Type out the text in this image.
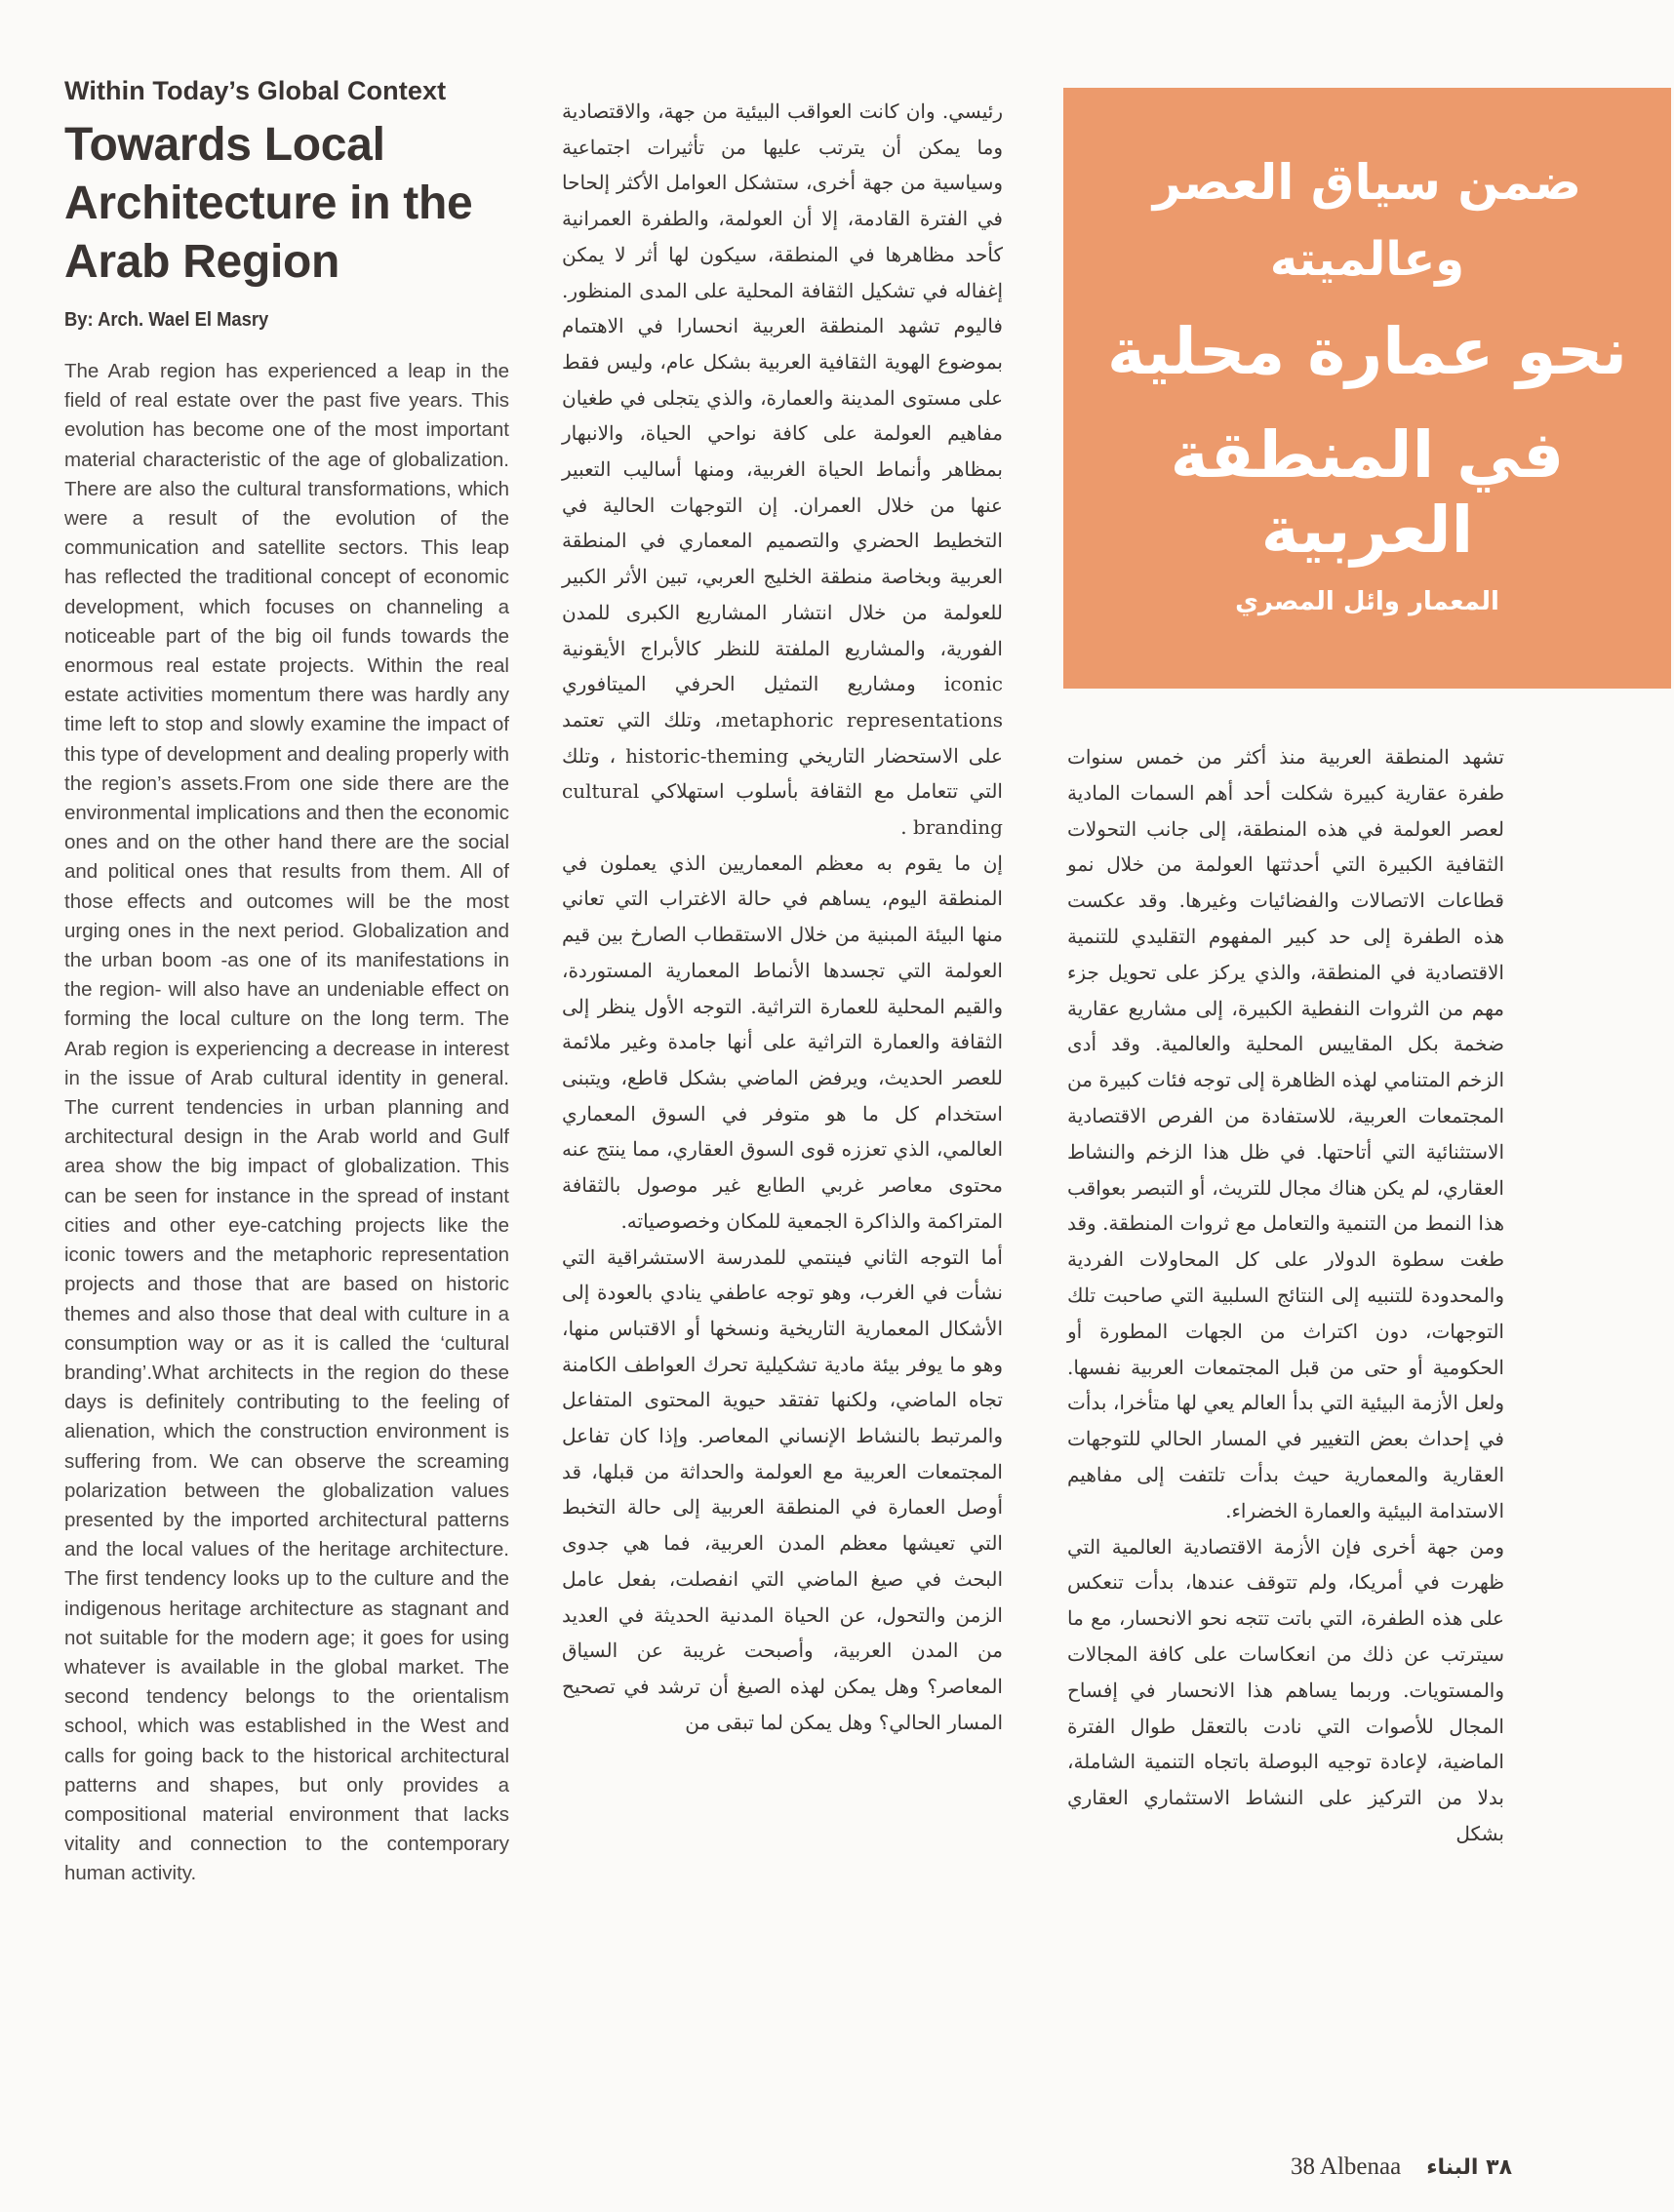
Within Today’s Global Context
Towards Local Architecture in the Arab Region
By: Arch. Wael El Masry

The Arab region has experienced a leap in the field of real estate over the past five years. This evolution has become one of the most important material characteristic of the age of globalization. There are also the cultural transformations, which were a result of the evolution of the communication and satellite sectors. This leap has reflected the traditional concept of economic development, which focuses on channeling a noticeable part of the big oil funds towards the enormous real estate projects. Within the real estate activities momentum there was hardly any time left to stop and slowly examine the impact of this type of development and dealing properly with the region’s assets.From one side there are the environmental implications and then the economic ones and on the other hand there are the social and political ones that results from them. All of those effects and outcomes will be the most urging ones in the next period. Globalization and the urban boom -as one of its manifestations in the region- will also have an undeniable effect on forming the local culture on the long term. The Arab region is experiencing a decrease in interest in the issue of Arab cultural identity in general. The current tendencies in urban planning and architectural design in the Arab world and Gulf area show the big impact of globalization. This can be seen for instance in the spread of instant cities and other eye-catching projects like the iconic towers and the metaphoric representation projects and those that are based on historic themes and also those that deal with culture in a consumption way or as it is called the ‘cultural branding’.What architects in the region do these days is definitely contributing to the feeling of alienation, which the construction environment is suffering from. We can observe the screaming polarization between the globalization values presented by the imported architectural patterns and the local values of the heritage architecture. The first tendency looks up to the culture and the indigenous heritage architecture as stagnant and not suitable for the modern age; it goes for using whatever is available in the global market. The second tendency belongs to the orientalism school, which was established in the West and calls for going back to the historical architectural patterns and shapes, but only provides a compositional material environment that lacks vitality and connection to the contemporary human activity.

رئيسي. وان كانت العواقب البيئية من جهة، والاقتصادية وما يمكن أن يترتب عليها من تأثيرات اجتماعية وسياسية من جهة أخرى، ستشكل العوامل الأكثر إلحاحا في الفترة القادمة، إلا أن العولمة، والطفرة العمرانية كأحد مظاهرها في المنطقة، سيكون لها أثر لا يمكن إغفاله في تشكيل الثقافة المحلية على المدى المنظور. فاليوم تشهد المنطقة العربية انحسارا في الاهتمام بموضوع الهوية الثقافية العربية بشكل عام، وليس فقط على مستوى المدينة والعمارة، والذي يتجلى في طغيان مفاهيم العولمة على كافة نواحي الحياة، والانبهار بمظاهر وأنماط الحياة الغربية، ومنها أساليب التعبير عنها من خلال العمران. إن التوجهات الحالية في التخطيط الحضري والتصميم المعماري في المنطقة العربية وبخاصة منطقة الخليج العربي، تبين الأثر الكبير للعولمة من خلال انتشار المشاريع الكبرى للمدن الفورية، والمشاريع الملفتة للنظر كالأبراج الأيقونية iconic ومشاريع التمثيل الحرفي الميتافوري metaphoric representations، وتلك التي تعتمد على الاستحضار التاريخي historic-theming ، وتلك التي تتعامل مع الثقافة بأسلوب استهلاكي cultural branding .

إن ما يقوم به معظم المعماريين الذي يعملون في المنطقة اليوم، يساهم في حالة الاغتراب التي تعاني منها البيئة المبنية من خلال الاستقطاب الصارخ بين قيم العولمة التي تجسدها الأنماط المعمارية المستوردة، والقيم المحلية للعمارة التراثية. التوجه الأول ينظر إلى الثقافة والعمارة التراثية على أنها جامدة وغير ملائمة للعصر الحديث، ويرفض الماضي بشكل قاطع، ويتبنى استخدام كل ما هو متوفر في السوق المعماري العالمي، الذي تعززه قوى السوق العقاري، مما ينتج عنه محتوى معاصر غربي الطابع غير موصول بالثقافة المتراكمة والذاكرة الجمعية للمكان وخصوصياته.

أما التوجه الثاني فينتمي للمدرسة الاستشراقية التي نشأت في الغرب، وهو توجه عاطفي ينادي بالعودة إلى الأشكال المعمارية التاريخية ونسخها أو الاقتباس منها، وهو ما يوفر بيئة مادية تشكيلية تحرك العواطف الكامنة تجاه الماضي، ولكنها تفتقد حيوية المحتوى المتفاعل والمرتبط بالنشاط الإنساني المعاصر. وإذا كان تفاعل المجتمعات العربية مع العولمة والحداثة من قبلها، قد أوصل العمارة في المنطقة العربية إلى حالة التخبط التي تعيشها معظم المدن العربية، فما هي جدوى البحث في صيغ الماضي التي انفصلت، بفعل عامل الزمن والتحول، عن الحياة المدنية الحديثة في العديد من المدن العربية، وأصبحت غريبة عن السياق المعاصر؟ وهل يمكن لهذه الصيغ أن ترشد في تصحيح المسار الحالي؟ وهل يمكن لما تبقى من

ضمن سياق العصر
وعالميته
نحو عمارة محلية
في المنطقة العربية
المعمار وائل المصري

تشهد المنطقة العربية منذ أكثر من خمس سنوات طفرة عقارية كبيرة شكلت أحد أهم السمات المادية لعصر العولمة في هذه المنطقة، إلى جانب التحولات الثقافية الكبيرة التي أحدثتها العولمة من خلال نمو قطاعات الاتصالات والفضائيات وغيرها. وقد عكست هذه الطفرة إلى حد كبير المفهوم التقليدي للتنمية الاقتصادية في المنطقة، والذي يركز على تحويل جزء مهم من الثروات النفطية الكبيرة، إلى مشاريع عقارية ضخمة بكل المقاييس المحلية والعالمية. وقد أدى الزخم المتنامي لهذه الظاهرة إلى توجه فئات كبيرة من المجتمعات العربية، للاستفادة من الفرص الاقتصادية الاستثنائية التي أتاحتها. في ظل هذا الزخم والنشاط العقاري، لم يكن هناك مجال للتريث، أو التبصر بعواقب هذا النمط من التنمية والتعامل مع ثروات المنطقة. وقد طغت سطوة الدولار على كل المحاولات الفردية والمحدودة للتنبيه إلى النتائج السلبية التي صاحبت تلك التوجهات، دون اكتراث من الجهات المطورة أو الحكومية أو حتى من قبل المجتمعات العربية نفسها. ولعل الأزمة البيئية التي بدأ العالم يعي لها متأخرا، بدأت في إحداث بعض التغيير في المسار الحالي للتوجهات العقارية والمعمارية حيث بدأت تلتفت إلى مفاهيم الاستدامة البيئية والعمارة الخضراء.

ومن جهة أخرى فإن الأزمة الاقتصادية العالمية التي ظهرت في أمريكا، ولم تتوقف عندها، بدأت تنعكس على هذه الطفرة، التي باتت تتجه نحو الانحسار، مع ما سيترتب عن ذلك من انعكاسات على كافة المجالات والمستويات. وربما يساهم هذا الانحسار في إفساح المجال للأصوات التي نادت بالتعقل طوال الفترة الماضية، لإعادة توجيه البوصلة باتجاه التنمية الشاملة، بدلا من التركيز على النشاط الاستثماري العقاري بشكل

38 Albenaa ٣٨ البناء
